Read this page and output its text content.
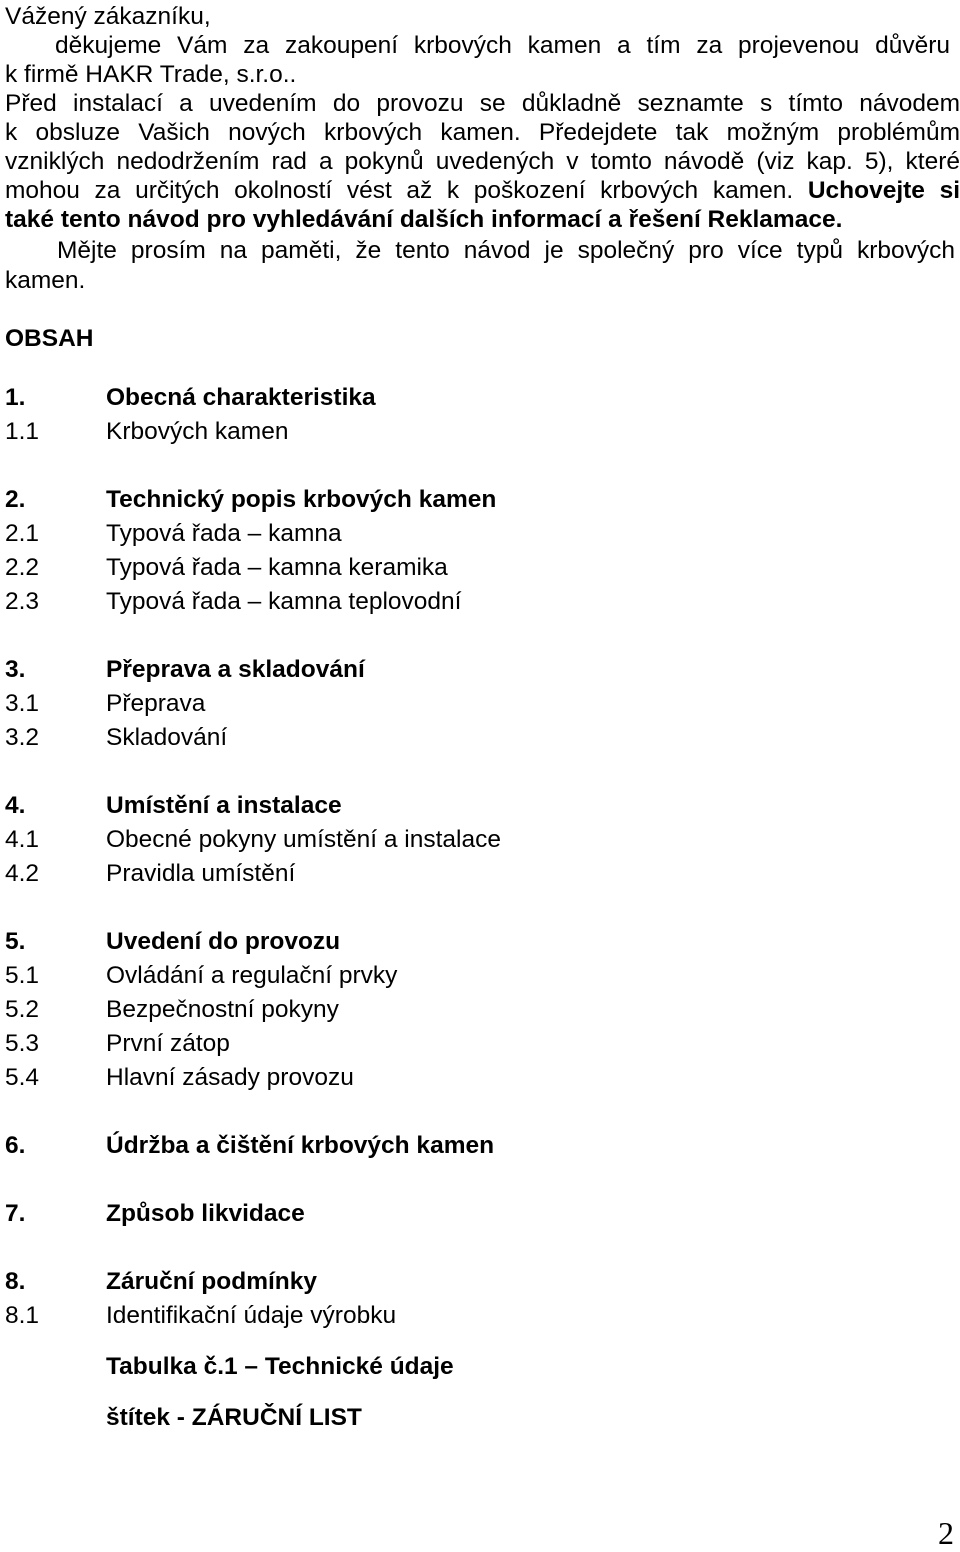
Vážený zákazníku,
děkujeme Vám za zakoupení krbových kamen a tím za projevenou důvěru
k firmě HAKR Trade, s.r.o..
Před instalací a uvedením do provozu se důkladně seznamte s tímto návodem
k obsluze Vašich nových krbových kamen. Předejdete tak možným problémům
vzniklých nedodržením rad a pokynů uvedených v tomto návodě (viz kap. 5), které
mohou za určitých okolností vést až k poškození krbových kamen. Uchovejte si
také tento návod pro vyhledávání dalších informací a řešení Reklamace.
Mějte prosím na paměti, že tento návod je společný pro více typů krbových
kamen.
OBSAH
1.	Obecná charakteristika
1.1	Krbových kamen
2.	Technický popis krbových kamen
2.1	Typová řada – kamna
2.2	Typová řada – kamna keramika
2.3	Typová řada – kamna teplovodní
3.	Přeprava a skladování
3.1	Přeprava
3.2	Skladování
4.	Umístění a instalace
4.1	Obecné pokyny umístění a instalace
4.2	Pravidla umístění
5.	Uvedení do provozu
5.1	Ovládání a regulační prvky
5.2	Bezpečnostní pokyny
5.3	První zátop
5.4	Hlavní zásady provozu
6.	Údržba a čištění krbových kamen
7.	Způsob likvidace
8.	Záruční podmínky
8.1	Identifikační údaje výrobku
Tabulka č.1 – Technické údaje
štítek - ZÁRUČNÍ LIST
2
